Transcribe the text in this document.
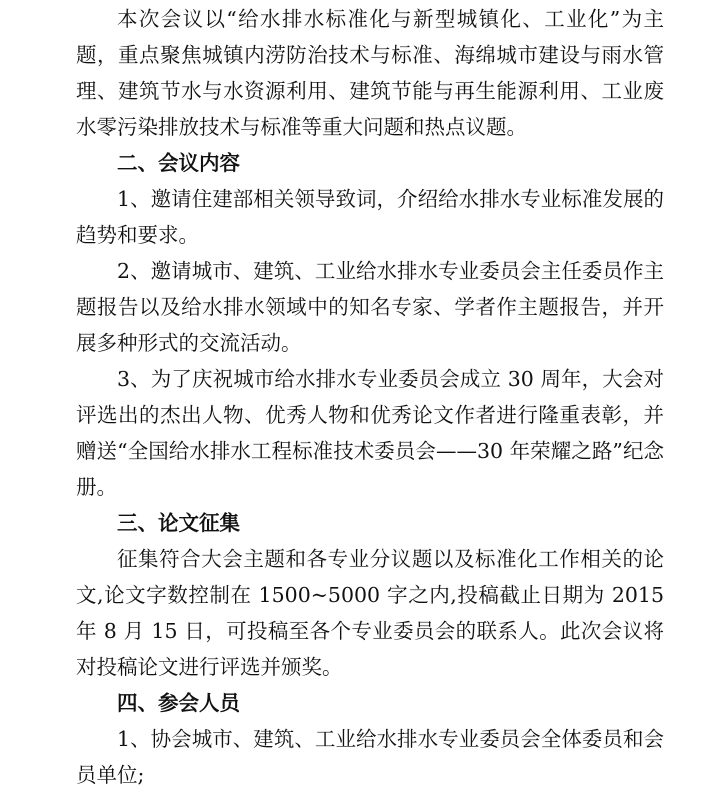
本次会议以“给水排水标准化与新型城镇化、工业化”为主题，重点聚焦城镇内涝防治技术与标准、海绵城市建设与雨水管理、建筑节水与水资源利用、建筑节能与再生能源利用、工业废水零污染排放技术与标准等重大问题和热点议题。

二、会议内容

1、邀请住建部相关领导致词，介绍给水排水专业标准发展的趋势和要求。

2、邀请城市、建筑、工业给水排水专业委员会主任委员作主题报告以及给水排水领域中的知名专家、学者作主题报告，并开展多种形式的交流活动。

3、为了庆祝城市给水排水专业委员会成立 30 周年，大会对评选出的杰出人物、优秀人物和优秀论文作者进行隆重表彰，并赠送“全国给水排水工程标准技术委员会——30 年荣耀之路”纪念册。

三、论文征集

征集符合大会主题和各专业分议题以及标准化工作相关的论文,论文字数控制在 1500~5000 字之内,投稿截止日期为 2015年 8 月 15 日，可投稿至各个专业委员会的联系人。此次会议将对投稿论文进行评选并颁奖。

四、参会人员

1、协会城市、建筑、工业给水排水专业委员会全体委员和会员单位;
